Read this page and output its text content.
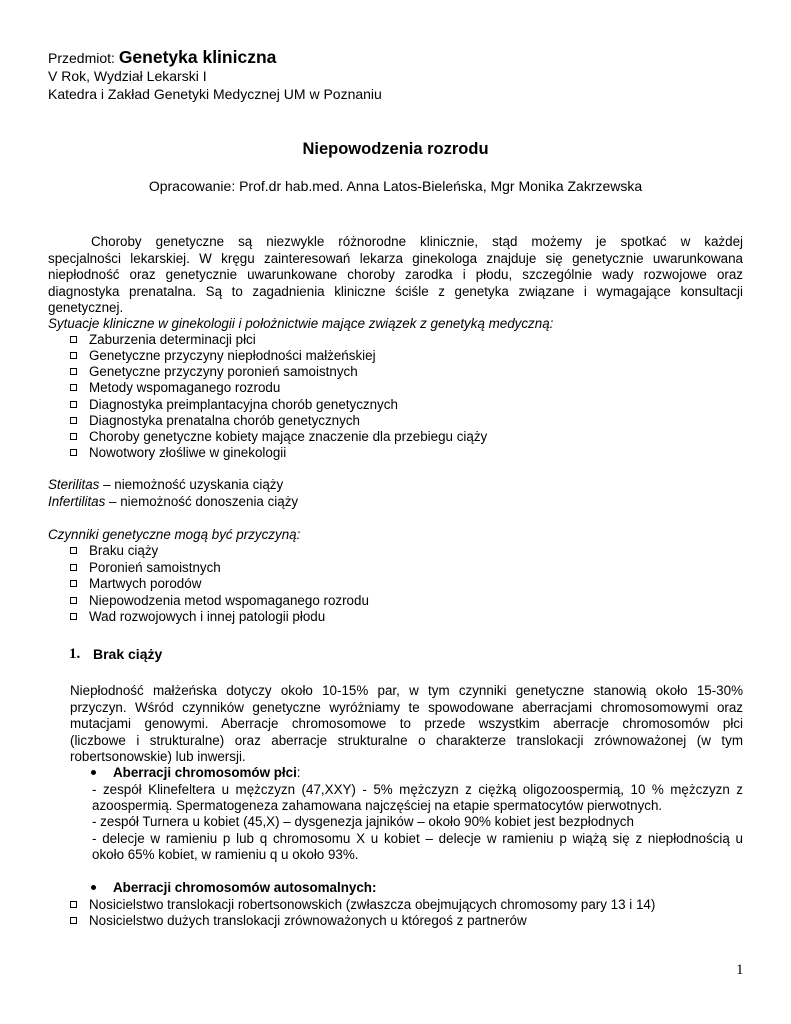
Przedmiot: Genetyka kliniczna
V Rok, Wydział Lekarski I
Katedra i Zakład Genetyki Medycznej UM w Poznaniu
Niepowodzenia rozrodu
Opracowanie: Prof.dr hab.med. Anna Latos-Bieleńska, Mgr Monika Zakrzewska
Choroby genetyczne są niezwykle różnorodne klinicznie, stąd możemy je spotkać w każdej
specjalności lekarskiej. W kręgu zainteresowań lekarza ginekologa znajduje się genetycznie uwarunkowana
niepłodność oraz genetycznie uwarunkowane choroby zarodka i płodu, szczególnie wady rozwojowe oraz
diagnostyka prenatalna. Są to zagadnienia kliniczne ściśle z genetyka związane i wymagające konsultacji
genetycznej.
Sytuacje kliniczne w ginekologii i położnictwie mające związek z genetyką medyczną:
Zaburzenia determinacji płci
Genetyczne przyczyny niepłodności małżeńskiej
Genetyczne przyczyny poronień samoistnych
Metody wspomaganego rozrodu
Diagnostyka preimplantacyjna chorób genetycznych
Diagnostyka prenatalna chorób genetycznych
Choroby genetyczne kobiety mające znaczenie dla przebiegu ciąży
Nowotwory złośliwe w ginekologii
Sterilitas – niemożność uzyskania ciąży
Infertilitas – niemożność donoszenia ciąży
Czynniki genetyczne mogą być przyczyną:
Braku ciąży
Poronień samoistnych
Martwych porodów
Niepowodzenia metod wspomaganego rozrodu
Wad rozwojowych i innej patologii płodu
1. Brak ciąży
Niepłodność małżeńska dotyczy około 10-15% par, w tym czynniki genetyczne stanowią około 15-30%
przyczyn. Wśród czynników genetyczne wyróżniamy te spowodowane aberracjami chromosomowymi oraz
mutacjami genowymi. Aberracje chromosomowe to przede wszystkim aberracje chromosomów płci
(liczbowe i strukturalne) oraz aberracje strukturalne o charakterze translokacji zrównoważonej (w tym
robertsonowskie) lub inwersji.
Aberracji chromosomów płci:
- zespół Klinefeltera u mężczyzn (47,XXY) - 5% mężczyzn z ciężką oligozoospermią, 10 % mężczyzn z
azoospermią. Spermatogeneza zahamowana najczęściej na etapie spermatocytów pierwotnych.
- zespół Turnera u kobiet (45,X) – dysgenezja jajników – około 90% kobiet jest bezpłodnych
- delecje w ramieniu p lub q chromosomu X u kobiet – delecje w ramieniu p wiążą się z niepłodnością u
około 65% kobiet, w ramieniu q u około 93%.
Aberracji chromosomów autosomalnych:
Nosicielstwo translokacji robertsonowskich (zwłaszcza obejmujących chromosomy pary 13 i 14)
Nosicielstwo dużych translokacji zrównoważonych u któregoś z partnerów
1
